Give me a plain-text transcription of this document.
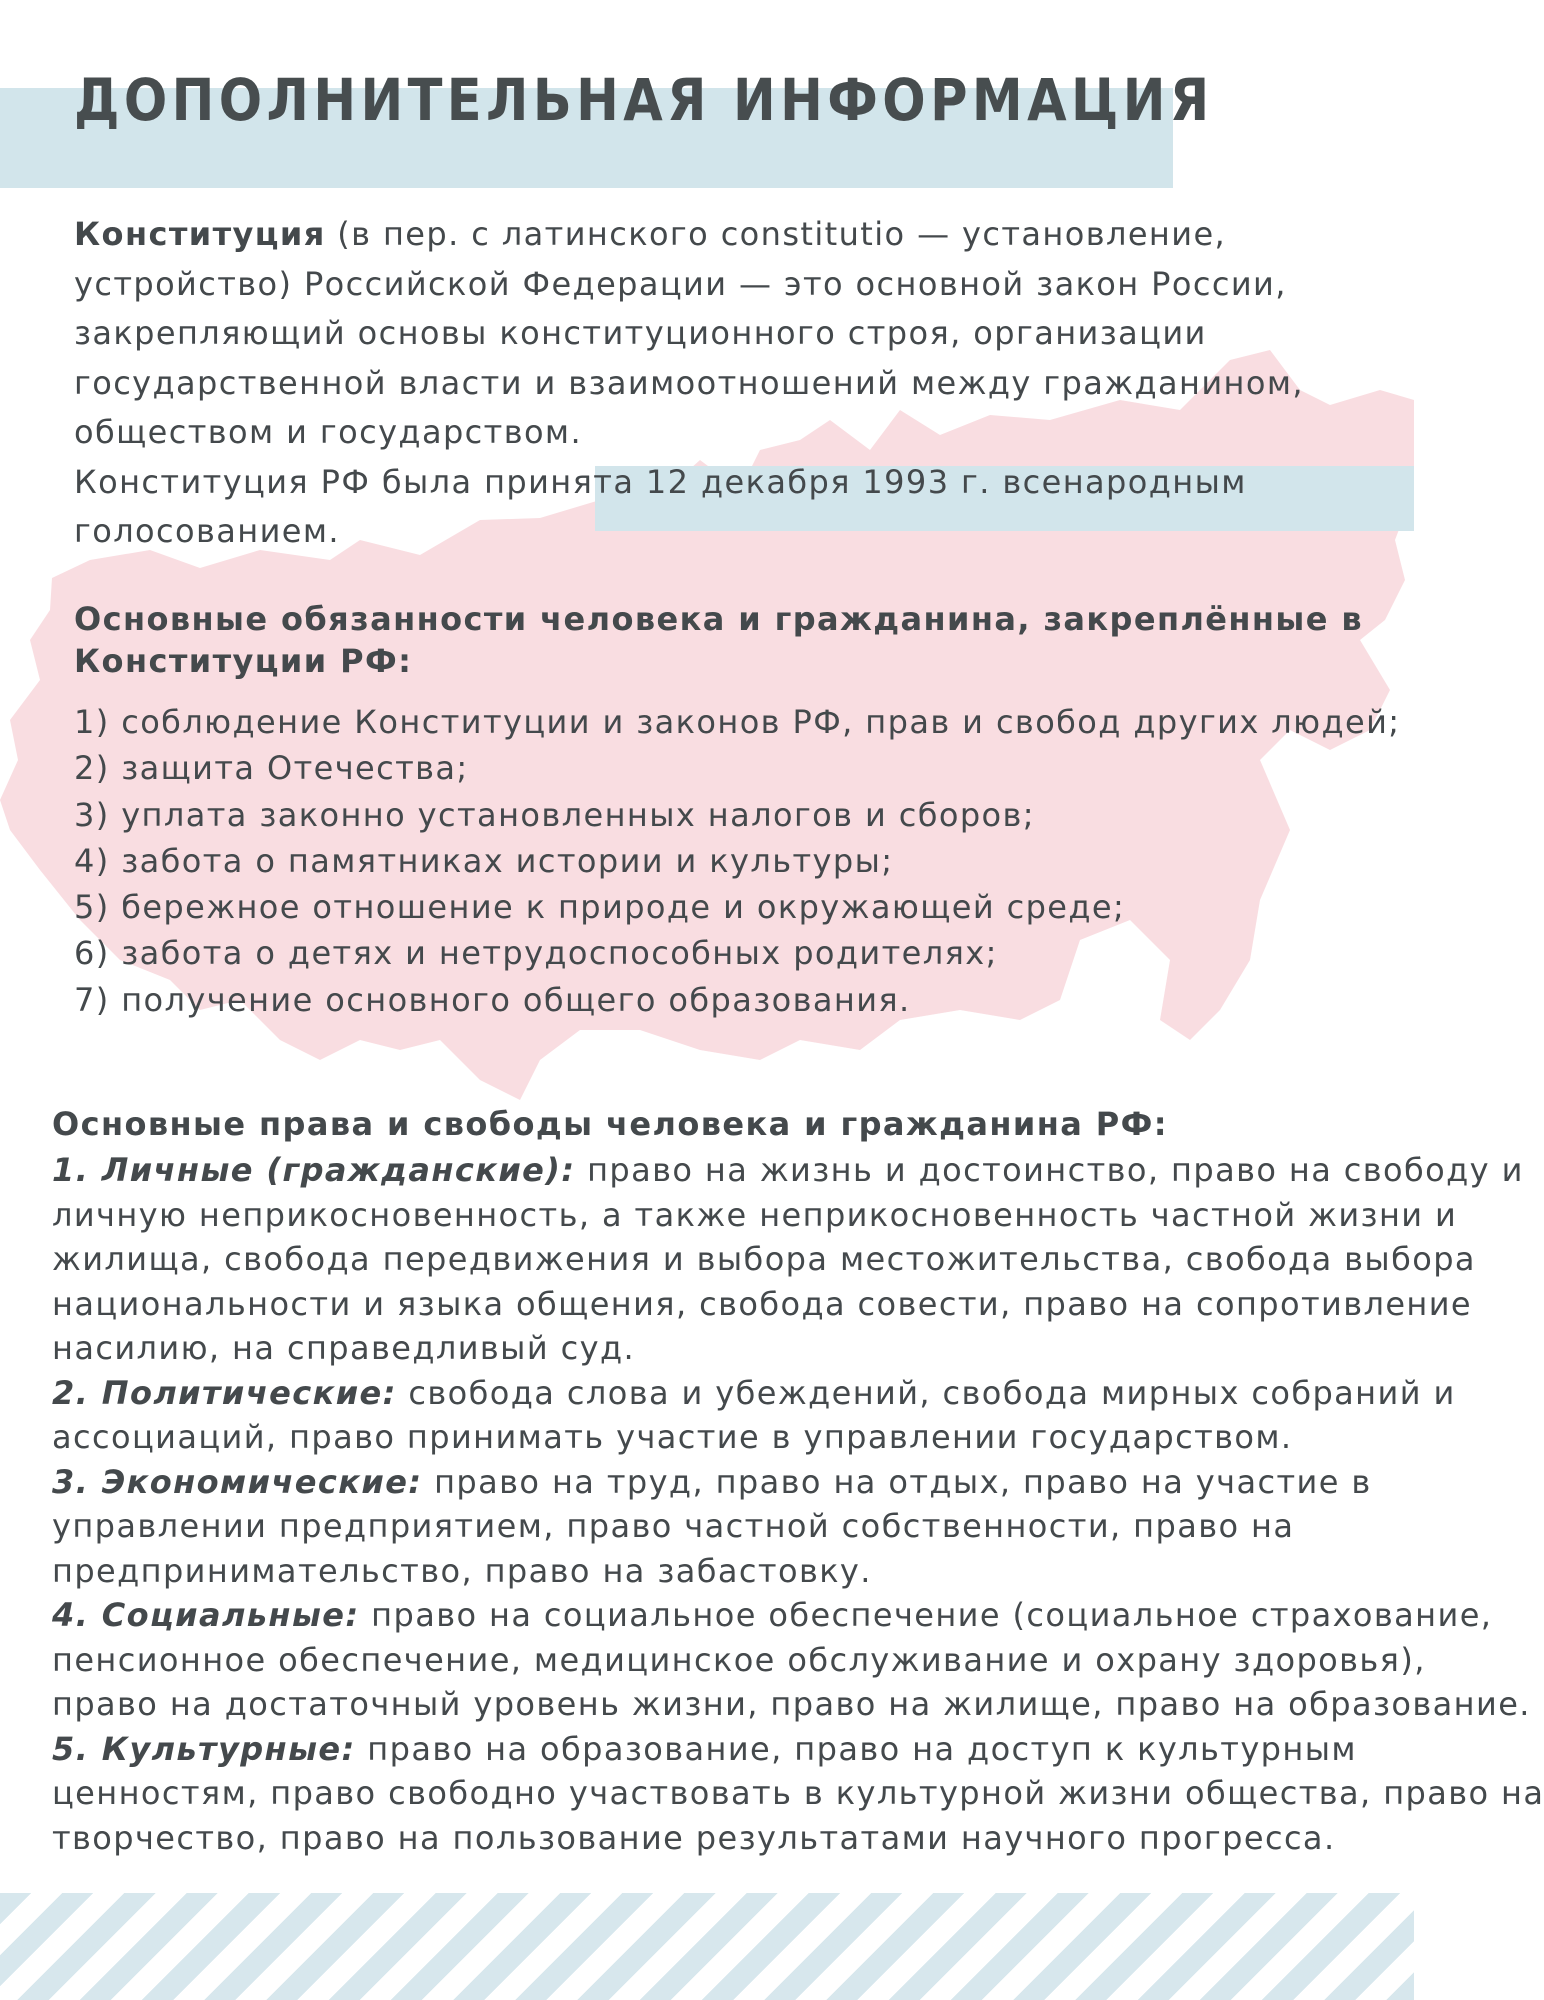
ДОПОЛНИТЕЛЬНАЯ ИНФОРМАЦИЯ

Конституция (в пер. с латинского constitutio — установление,
устройство) Российской Федерации — это основной закон России,
закрепляющий основы конституционного строя, организации
государственной власти и взаимоотношений между гражданином,
обществом и государством.
Конституция РФ была принята 12 декабря 1993 г. всенародным
голосованием.

Основные обязанности человека и гражданина, закреплённые в
Конституции РФ:

1) соблюдение Конституции и законов РФ, прав и свобод других людей;
2) защита Отечества;
3) уплата законно установленных налогов и сборов;
4) забота о памятниках истории и культуры;
5) бережное отношение к природе и окружающей среде;
6) забота о детях и нетрудоспособных родителях;
7) получение основного общего образования.

Основные права и свободы человека и гражданина РФ:

1. Личные (гражданские): право на жизнь и достоинство, право на свободу и
личную неприкосновенность, а также неприкосновенность частной жизни и
жилища, свобода передвижения и выбора местожительства, свобода выбора
национальности и языка общения, свобода совести, право на сопротивление
насилию, на справедливый суд.
2. Политические: свобода слова и убеждений, свобода мирных собраний и
ассоциаций, право принимать участие в управлении государством.
3. Экономические: право на труд, право на отдых, право на участие в
управлении предприятием, право частной собственности, право на
предпринимательство, право на забастовку.
4. Социальные: право на социальное обеспечение (социальное страхование,
пенсионное обеспечение, медицинское обслуживание и охрану здоровья),
право на достаточный уровень жизни, право на жилище, право на образование.
5. Культурные: право на образование, право на доступ к культурным
ценностям, право свободно участвовать в культурной жизни общества, право на
творчество, право на пользование результатами научного прогресса.
